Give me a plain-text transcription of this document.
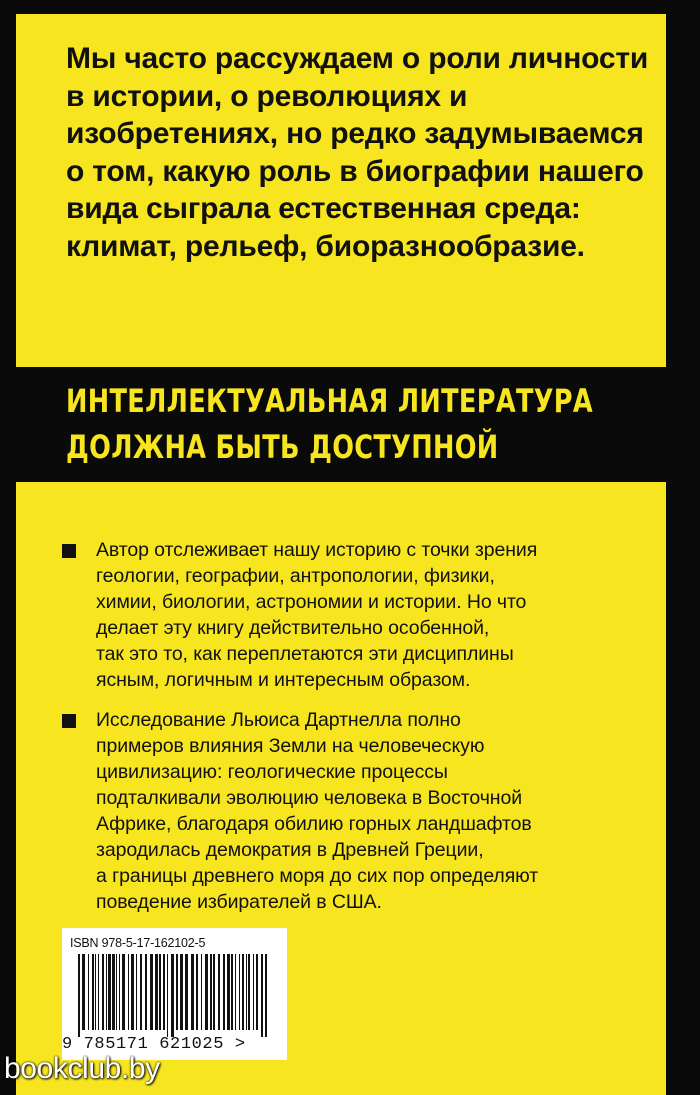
Мы часто рассуждаем о роли личности в истории, о революциях и изобретениях, но редко задумываемся о том, какую роль в биографии нашего вида сыграла естественная среда: климат, рельеф, биоразнообразие.

ИНТЕЛЛЕКТУАЛЬНАЯ ЛИТЕРАТУРА
ДОЛЖНА БЫТЬ ДОСТУПНОЙ

Автор отслеживает нашу историю с точки зрения
геологии, географии, антропологии, физики,
химии, биологии, астрономии и истории. Но что
делает эту книгу действительно особенной,
так это то, как переплетаются эти дисциплины
ясным, логичным и интересным образом.

Исследование Льюиса Дартнелла полно
примеров влияния Земли на человеческую
цивилизацию: геологические процессы
подталкивали эволюцию человека в Восточной
Африке, благодаря обилию горных ландшафтов
зародилась демократия в Древней Греции,
а границы древнего моря до сих пор определяют
поведение избирателей в США.

ISBN 978-5-17-162102-5
9 785171 621025 >
bookclub.by
